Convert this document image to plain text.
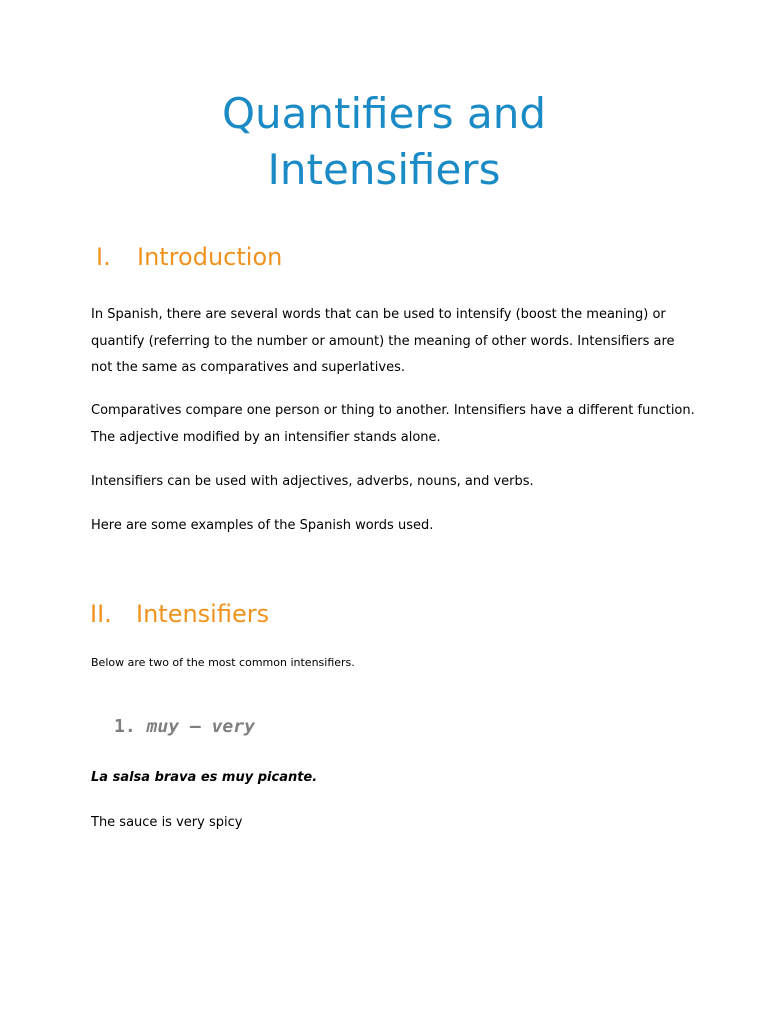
Quantifiers and
Intensifiers
I. Introduction

In Spanish, there are several words that can be used to intensify (boost the meaning) or
quantify (referring to the number or amount) the meaning of other words. Intensifiers are
not the same as comparatives and superlatives.

Comparatives compare one person or thing to another. Intensifiers have a different function.
The adjective modified by an intensifier stands alone.

Intensifiers can be used with adjectives, adverbs, nouns, and verbs.

Here are some examples of the Spanish words used.

II. Intensifiers

Below are two of the most common intensifiers.

1. muy – very

La salsa brava es muy picante.

The sauce is very spicy
